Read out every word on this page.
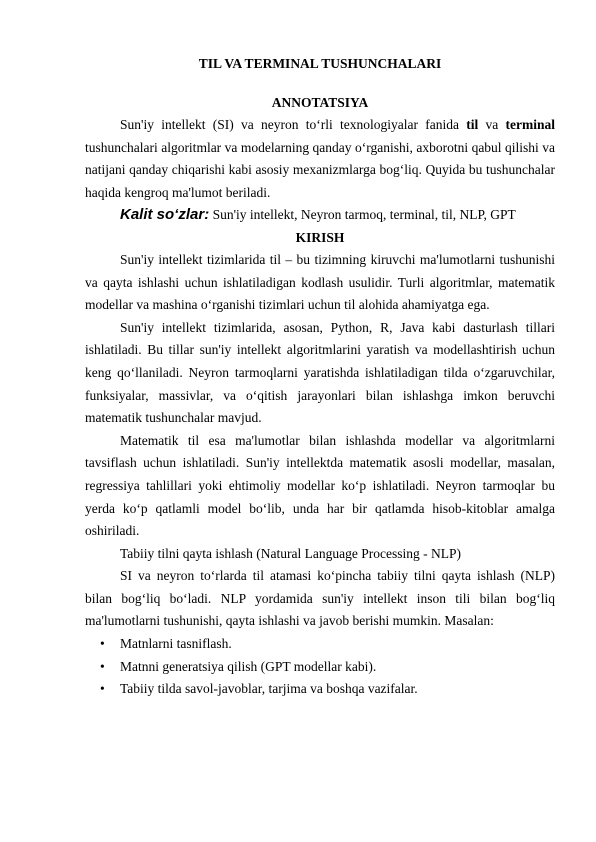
TIL VA TERMINAL TUSHUNCHALARI
ANNOTATSIYA

Sun'iy intellekt (SI) va neyron to‘rli texnologiyalar fanida til va terminal tushunchalari algoritmlar va modelarning qanday o‘rganishi, axborotni qabul qilishi va natijani qanday chiqarishi kabi asosiy mexanizmlarga bog‘liq. Quyida bu tushunchalar haqida kengroq ma'lumot beriladi.

Kalit so‘zlar: Sun'iy intellekt, Neyron tarmoq, terminal, til, NLP, GPT

KIRISH

Sun'iy intellekt tizimlarida til – bu tizimning kiruvchi ma'lumotlarni tushunishi va qayta ishlashi uchun ishlatiladigan kodlash usulidir. Turli algoritmlar, matematik modellar va mashina o‘rganishi tizimlari uchun til alohida ahamiyatga ega.

Sun'iy intellekt tizimlarida, asosan, Python, R, Java kabi dasturlash tillari ishlatiladi. Bu tillar sun'iy intellekt algoritmlarini yaratish va modellashtirish uchun keng qo‘llaniladi. Neyron tarmoqlarni yaratishda ishlatiladigan tilda o‘zgaruvchilar, funksiyalar, massivlar, va o‘qitish jarayonlari bilan ishlashga imkon beruvchi matematik tushunchalar mavjud.

Matematik til esa ma'lumotlar bilan ishlashda modellar va algoritmlarni tavsiflash uchun ishlatiladi. Sun'iy intellektda matematik asosli modellar, masalan, regressiya tahlillari yoki ehtimoliy modellar ko‘p ishlatiladi. Neyron tarmoqlar bu yerda ko‘p qatlamli model bo‘lib, unda har bir qatlamda hisob-kitoblar amalga oshiriladi.

Tabiiy tilni qayta ishlash (Natural Language Processing - NLP)

SI va neyron to‘rlarda til atamasi ko‘pincha tabiiy tilni qayta ishlash (NLP) bilan bog‘liq bo‘ladi. NLP yordamida sun'iy intellekt inson tili bilan bog‘liq ma'lumotlarni tushunishi, qayta ishlashi va javob berishi mumkin. Masalan:

• Matnlarni tasniflash.
• Matnni generatsiya qilish (GPT modellar kabi).
• Tabiiy tilda savol-javoblar, tarjima va boshqa vazifalar.
